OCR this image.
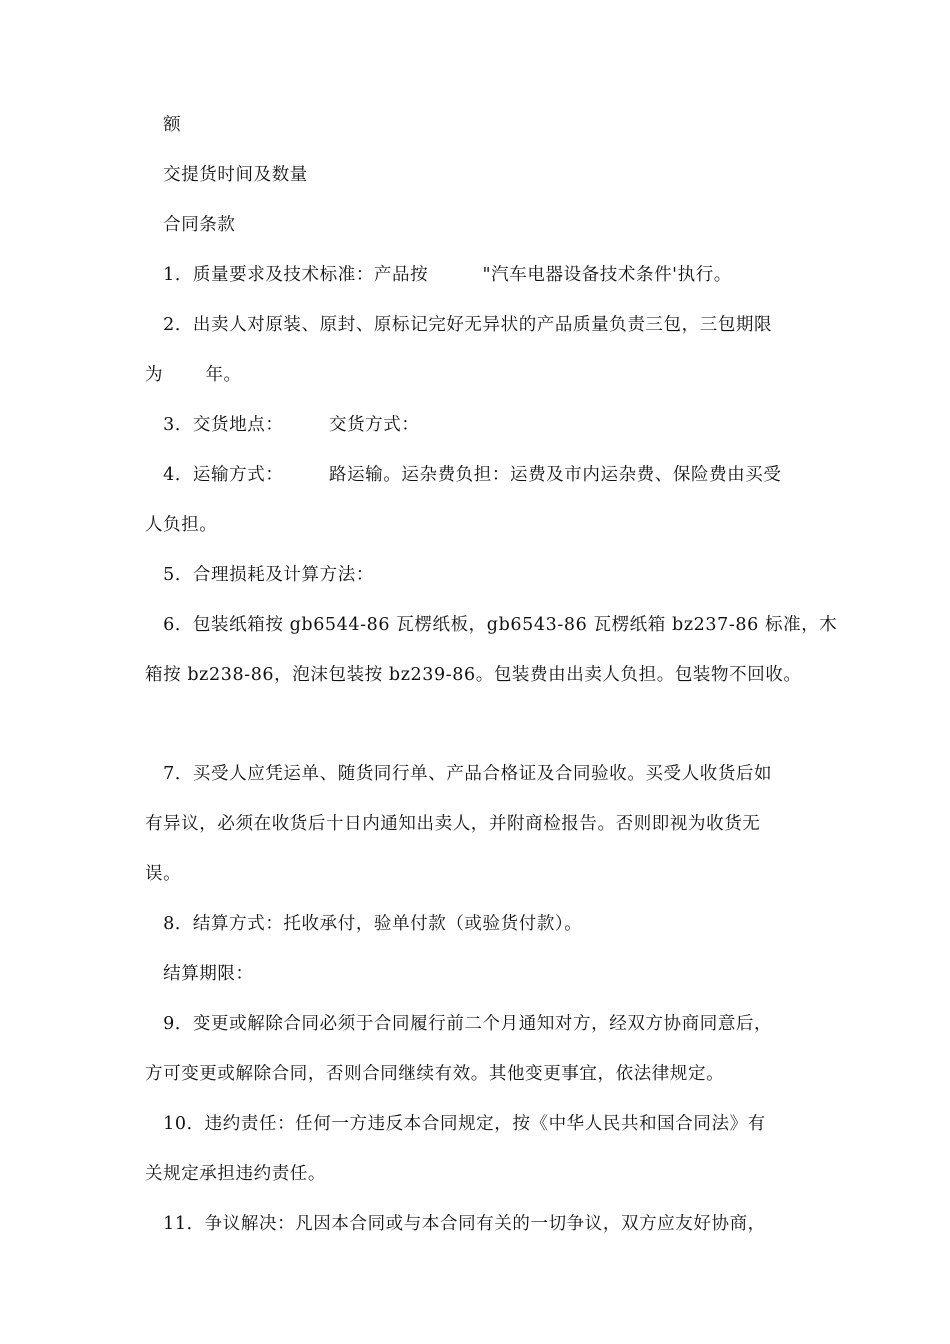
　额
　交提货时间及数量
　合同条款
　1．质量要求及技术标准：产品按　　　"汽车电器设备技术条件'执行。
　2．出卖人对原装、原封、原标记完好无异状的产品质量负责三包，三包期限
为　　 年。
　3．交货地点：　　　交货方式：
　4．运输方式：　　　路运输。运杂费负担：运费及市内运杂费、保险费由买受
人负担。
　5．合理损耗及计算方法：
　6．包装纸箱按 gb6544-86 瓦楞纸板，gb6543-86 瓦楞纸箱 bz237-86 标准，木
箱按 bz238-86，泡沫包装按 bz239-86。包装费由出卖人负担。包装物不回收。
　7．买受人应凭运单、随货同行单、产品合格证及合同验收。买受人收货后如
有异议，必须在收货后十日内通知出卖人，并附商检报告。否则即视为收货无
误。
　8．结算方式：托收承付，验单付款（或验货付款）。
　结算期限：
　9．变更或解除合同必须于合同履行前二个月通知对方，经双方协商同意后，
方可变更或解除合同，否则合同继续有效。其他变更事宜，依法律规定。
　10．违约责任：任何一方违反本合同规定，按《中华人民共和国合同法》有
关规定承担违约责任。
　11．争议解决：凡因本合同或与本合同有关的一切争议，双方应友好协商，
